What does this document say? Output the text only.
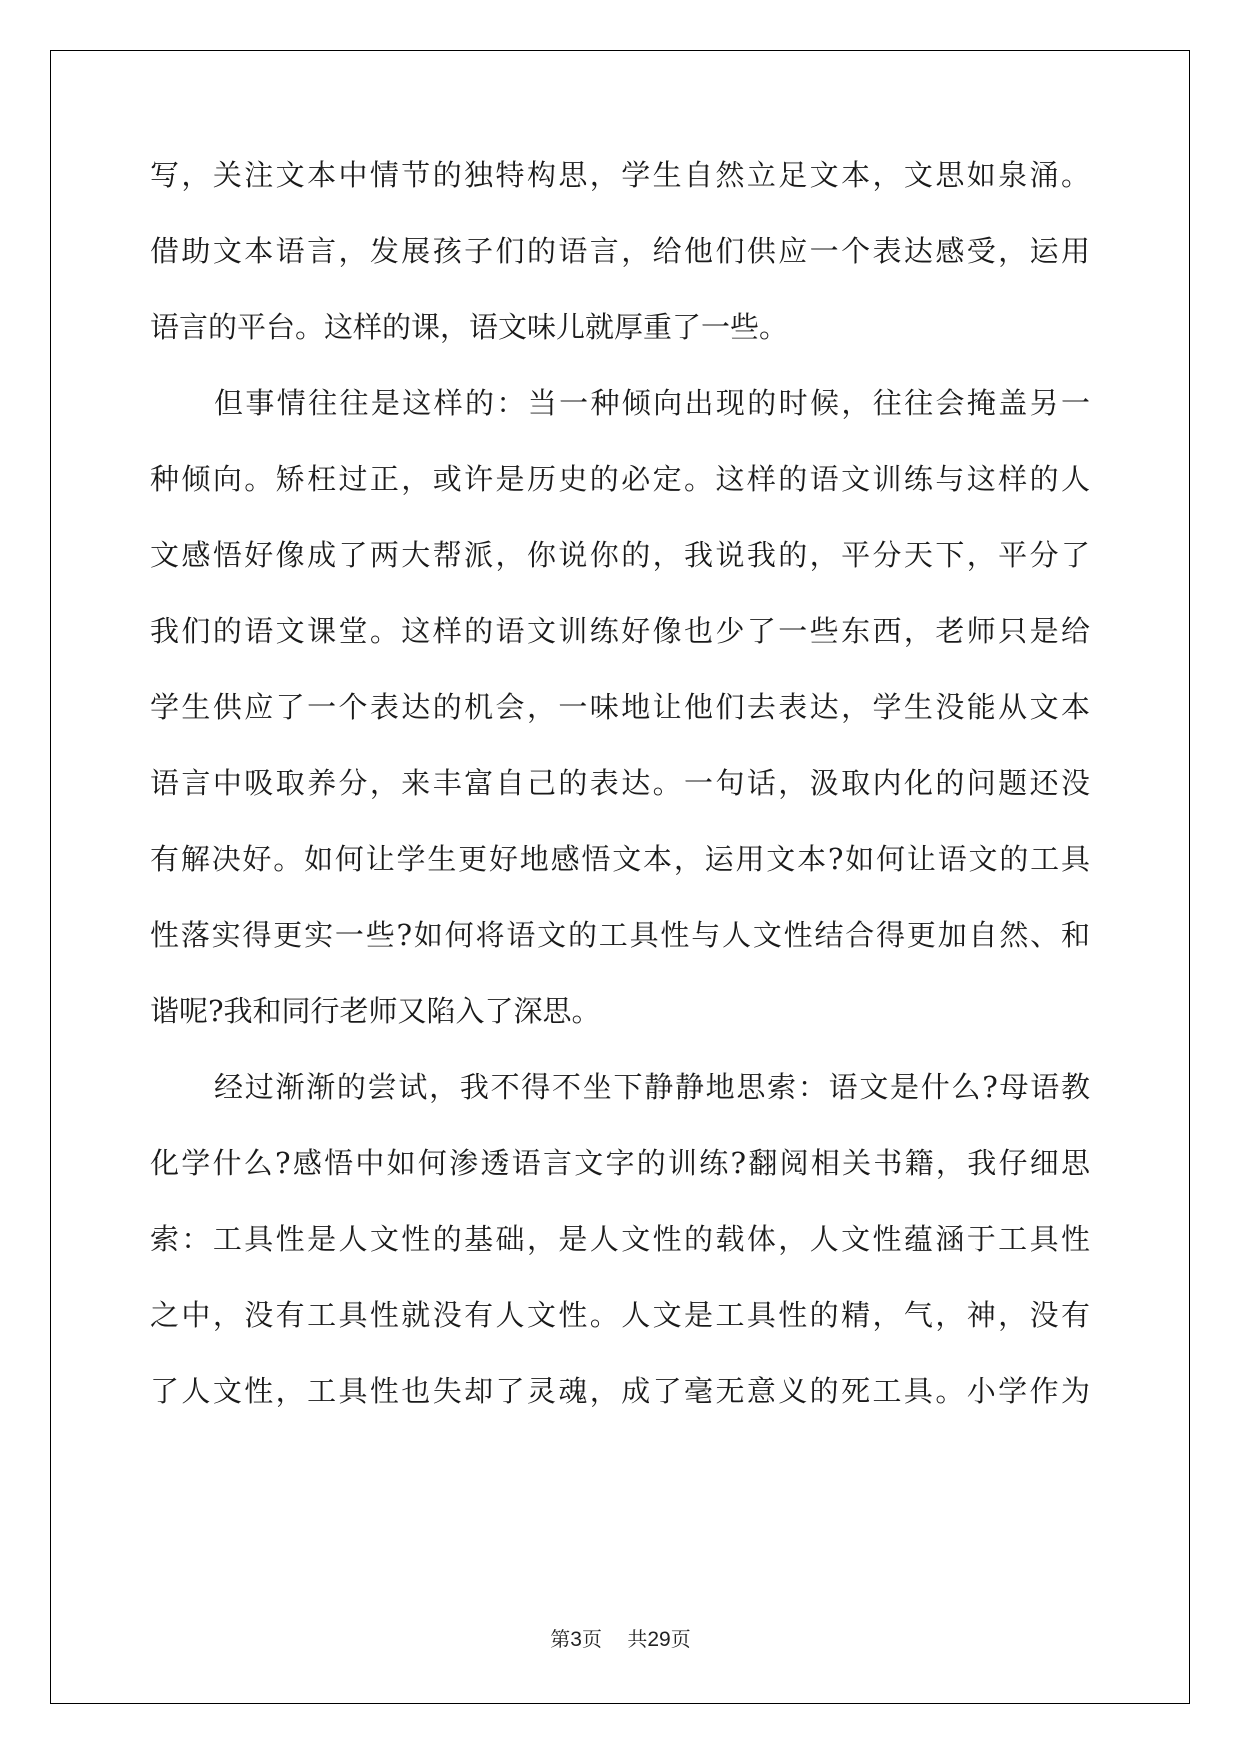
写，关注文本中情节的独特构思，学生自然立足文本，文思如泉涌。
借助文本语言，发展孩子们的语言，给他们供应一个表达感受，运用
语言的平台。这样的课，语文味儿就厚重了一些。
但事情往往是这样的：当一种倾向出现的时候，往往会掩盖另一
种倾向。矫枉过正，或许是历史的必定。这样的语文训练与这样的人
文感悟好像成了两大帮派，你说你的，我说我的，平分天下，平分了
我们的语文课堂。这样的语文训练好像也少了一些东西，老师只是给
学生供应了一个表达的机会，一味地让他们去表达，学生没能从文本
语言中吸取养分，来丰富自己的表达。一句话，汲取内化的问题还没
有解决好。如何让学生更好地感悟文本，运用文本?如何让语文的工具
性落实得更实一些?如何将语文的工具性与人文性结合得更加自然、和
谐呢?我和同行老师又陷入了深思。
经过渐渐的尝试，我不得不坐下静静地思索：语文是什么?母语教
化学什么?感悟中如何渗透语言文字的训练?翻阅相关书籍，我仔细思
索：工具性是人文性的基础，是人文性的载体，人文性蕴涵于工具性
之中，没有工具性就没有人文性。人文是工具性的精，气，神，没有
了人文性，工具性也失却了灵魂，成了毫无意义的死工具。小学作为
第3页 共29页
